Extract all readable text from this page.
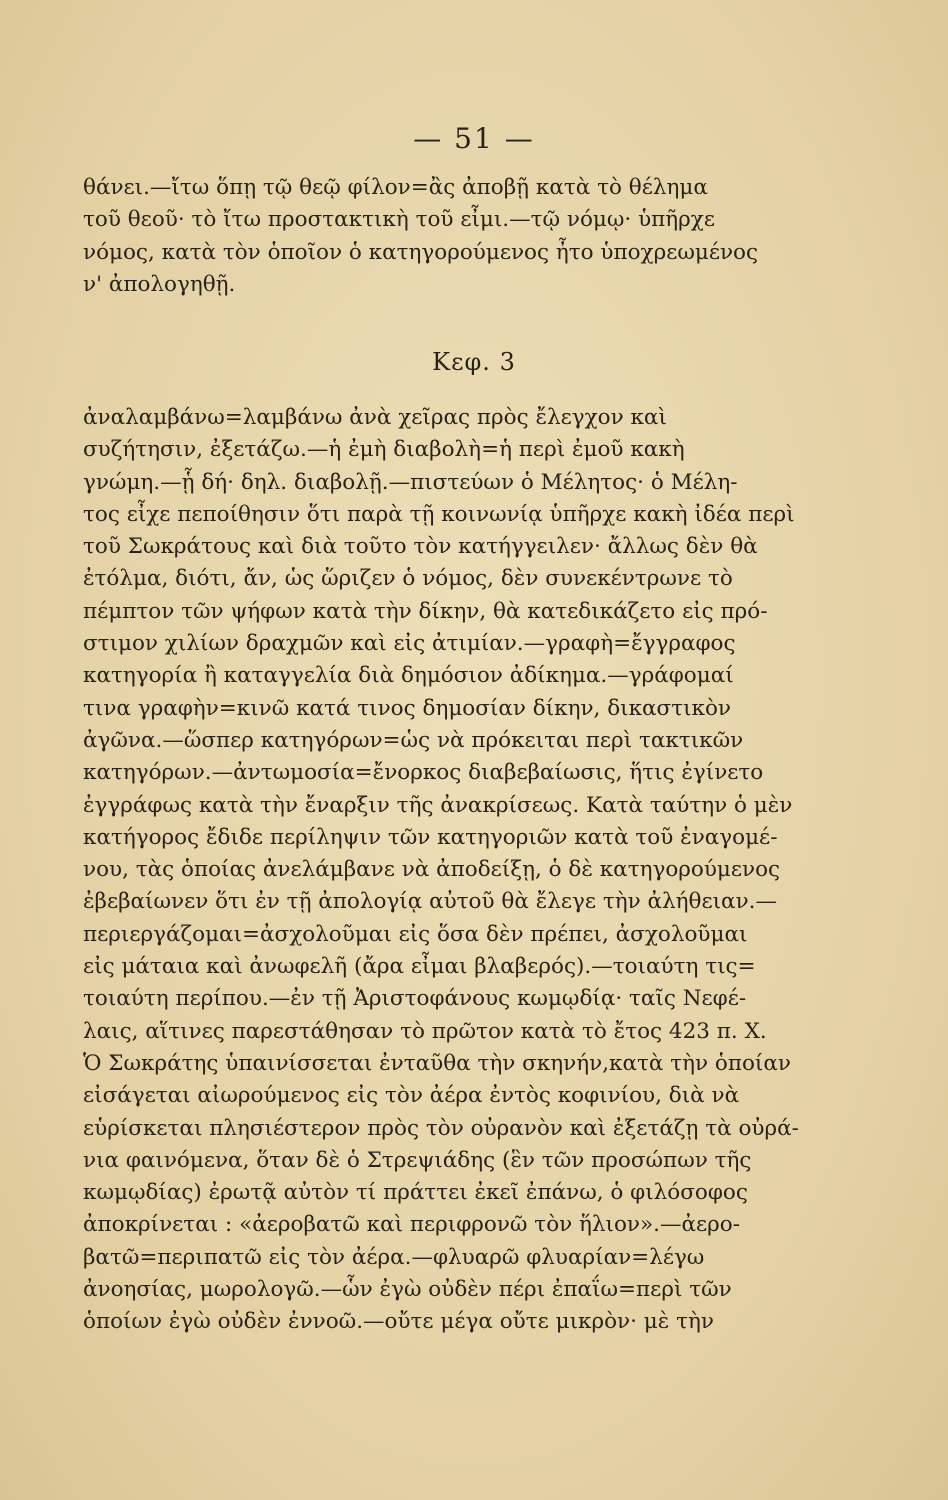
— 51 —
θάνει.—ἴτω ὅπῃ τῷ θεῷ φίλον=ἂς ἀποβῇ κατὰ τὸ θέλημα
τοῦ θεοῦ· τὸ ἴτω προστακτικὴ τοῦ εἶμι.—τῷ νόμῳ· ὑπῆρχε
νόμος, κατὰ τὸν ὁποῖον ὁ κατηγορούμενος ἦτο ὑποχρεωμένος
ν' ἀπολογηθῇ.
Κεφ. 3
ἀναλαμβάνω=λαμβάνω ἀνὰ χεῖρας πρὸς ἔλεγχον καὶ
συζήτησιν, ἐξετάζω.—ἡ ἐμὴ διαβολὴ=ἡ περὶ ἐμοῦ κακὴ
γνώμη.—ᾗ δή· δηλ. διαβολῇ.—πιστεύων ὁ Μέλητος· ὁ Μέλη-
τος εἶχε πεποίθησιν ὅτι παρὰ τῇ κοινωνίᾳ ὑπῆρχε κακὴ ἰδέα περὶ
τοῦ Σωκράτους καὶ διὰ τοῦτο τὸν κατήγγειλεν· ἄλλως δὲν θὰ
ἐτόλμα, διότι, ἄν, ὡς ὥριζεν ὁ νόμος, δὲν συνεκέντρωνε τὸ
πέμπτον τῶν ψήφων κατὰ τὴν δίκην, θὰ κατεδικάζετο εἰς πρό-
στιμον χιλίων δραχμῶν καὶ εἰς ἀτιμίαν.—γραφὴ=ἔγγραφος
κατηγορία ἢ καταγγελία διὰ δημόσιον ἀδίκημα.—γράφομαί
τινα γραφὴν=κινῶ κατά τινος δημοσίαν δίκην, δικαστικὸν
ἀγῶνα.—ὥσπερ κατηγόρων=ὡς νὰ πρόκειται περὶ τακτικῶν
κατηγόρων.—ἀντωμοσία=ἔνορκος διαβεβαίωσις, ἥτις ἐγίνετο
ἐγγράφως κατὰ τὴν ἔναρξιν τῆς ἀνακρίσεως. Κατὰ ταύτην ὁ μὲν
κατήγορος ἔδιδε περίληψιν τῶν κατηγοριῶν κατὰ τοῦ ἐναγομέ-
νου, τὰς ὁποίας ἀνελάμβανε νὰ ἀποδείξῃ, ὁ δὲ κατηγορούμενος
ἐβεβαίωνεν ὅτι ἐν τῇ ἀπολογίᾳ αὐτοῦ θὰ ἔλεγε τὴν ἀλήθειαν.—
περιεργάζομαι=ἀσχολοῦμαι εἰς ὅσα δὲν πρέπει, ἀσχολοῦμαι
εἰς μάταια καὶ ἀνωφελῆ (ἄρα εἶμαι βλαβερός).—τοιαύτη τις=
τοιαύτη περίπου.—ἐν τῇ Ἀριστοφάνους κωμῳδίᾳ· ταῖς Νεφέ-
λαις, αἵτινες παρεστάθησαν τὸ πρῶτον κατὰ τὸ ἔτος 423 π. Χ.
Ὁ Σωκράτης ὑπαινίσσεται ἐνταῦθα τὴν σκηνήν,κατὰ τὴν ὁποίαν
εἰσάγεται αἰωρούμενος εἰς τὸν ἀέρα ἐντὸς κοφινίου, διὰ νὰ
εὑρίσκεται πλησιέστερον πρὸς τὸν οὐρανὸν καὶ ἐξετάζῃ τὰ οὐρά-
νια φαινόμενα, ὅταν δὲ ὁ Στρεψιάδης (ἓν τῶν προσώπων τῆς
κωμῳδίας) ἐρωτᾷ αὐτὸν τί πράττει ἐκεῖ ἐπάνω, ὁ φιλόσοφος
ἀποκρίνεται : «ἀεροβατῶ καὶ περιφρονῶ τὸν ἥλιον».—ἀερο-
βατῶ=περιπατῶ εἰς τὸν ἀέρα.—φλυαρῶ φλυαρίαν=λέγω
ἀνοησίας, μωρολογῶ.—ὧν ἐγὼ οὐδὲν πέρι ἐπαΐω=περὶ τῶν
ὁποίων ἐγὼ οὐδὲν ἐννοῶ.—οὔτε μέγα οὔτε μικρὸν· μὲ τὴν
